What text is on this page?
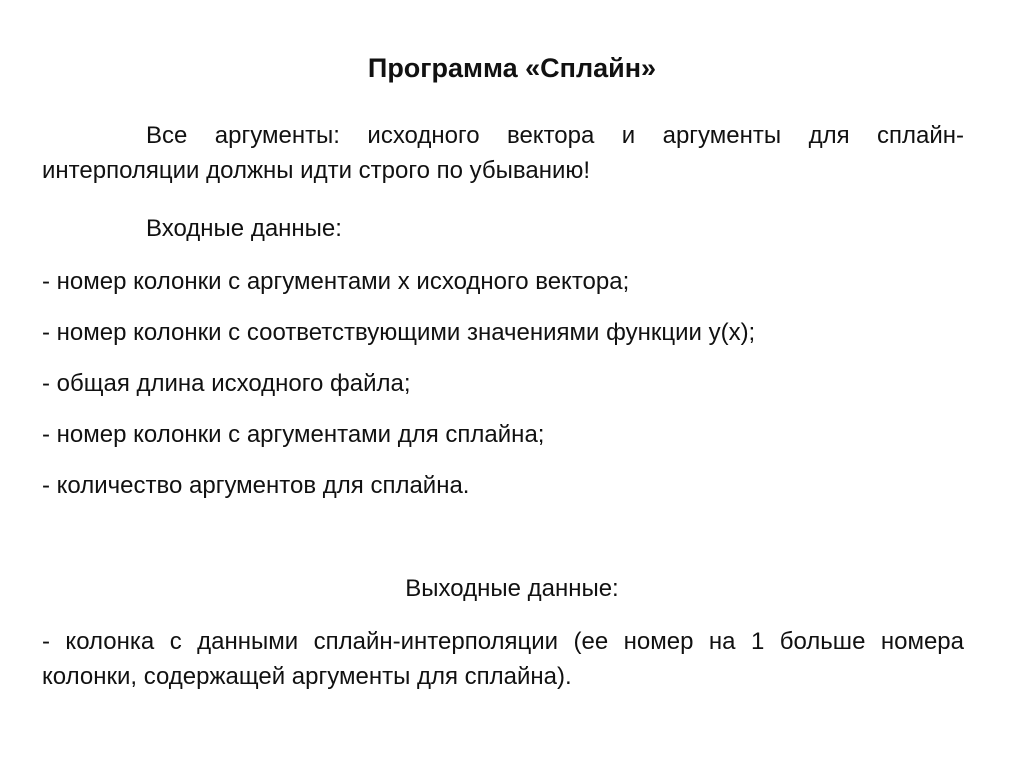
Программа «Сплайн»
Все аргументы: исходного вектора и аргументы для сплайн-интерполяции должны идти строго по убыванию!
Входные данные:
- номер колонки с аргументами х исходного вектора;
- номер колонки с соответствующими значениями функции y(x);
- общая длина исходного файла;
- номер колонки с аргументами для сплайна;
- количество аргументов для сплайна.
Выходные данные:
- колонка с данными сплайн-интерполяции (ее номер на 1 больше номера колонки, содержащей аргументы для сплайна).
